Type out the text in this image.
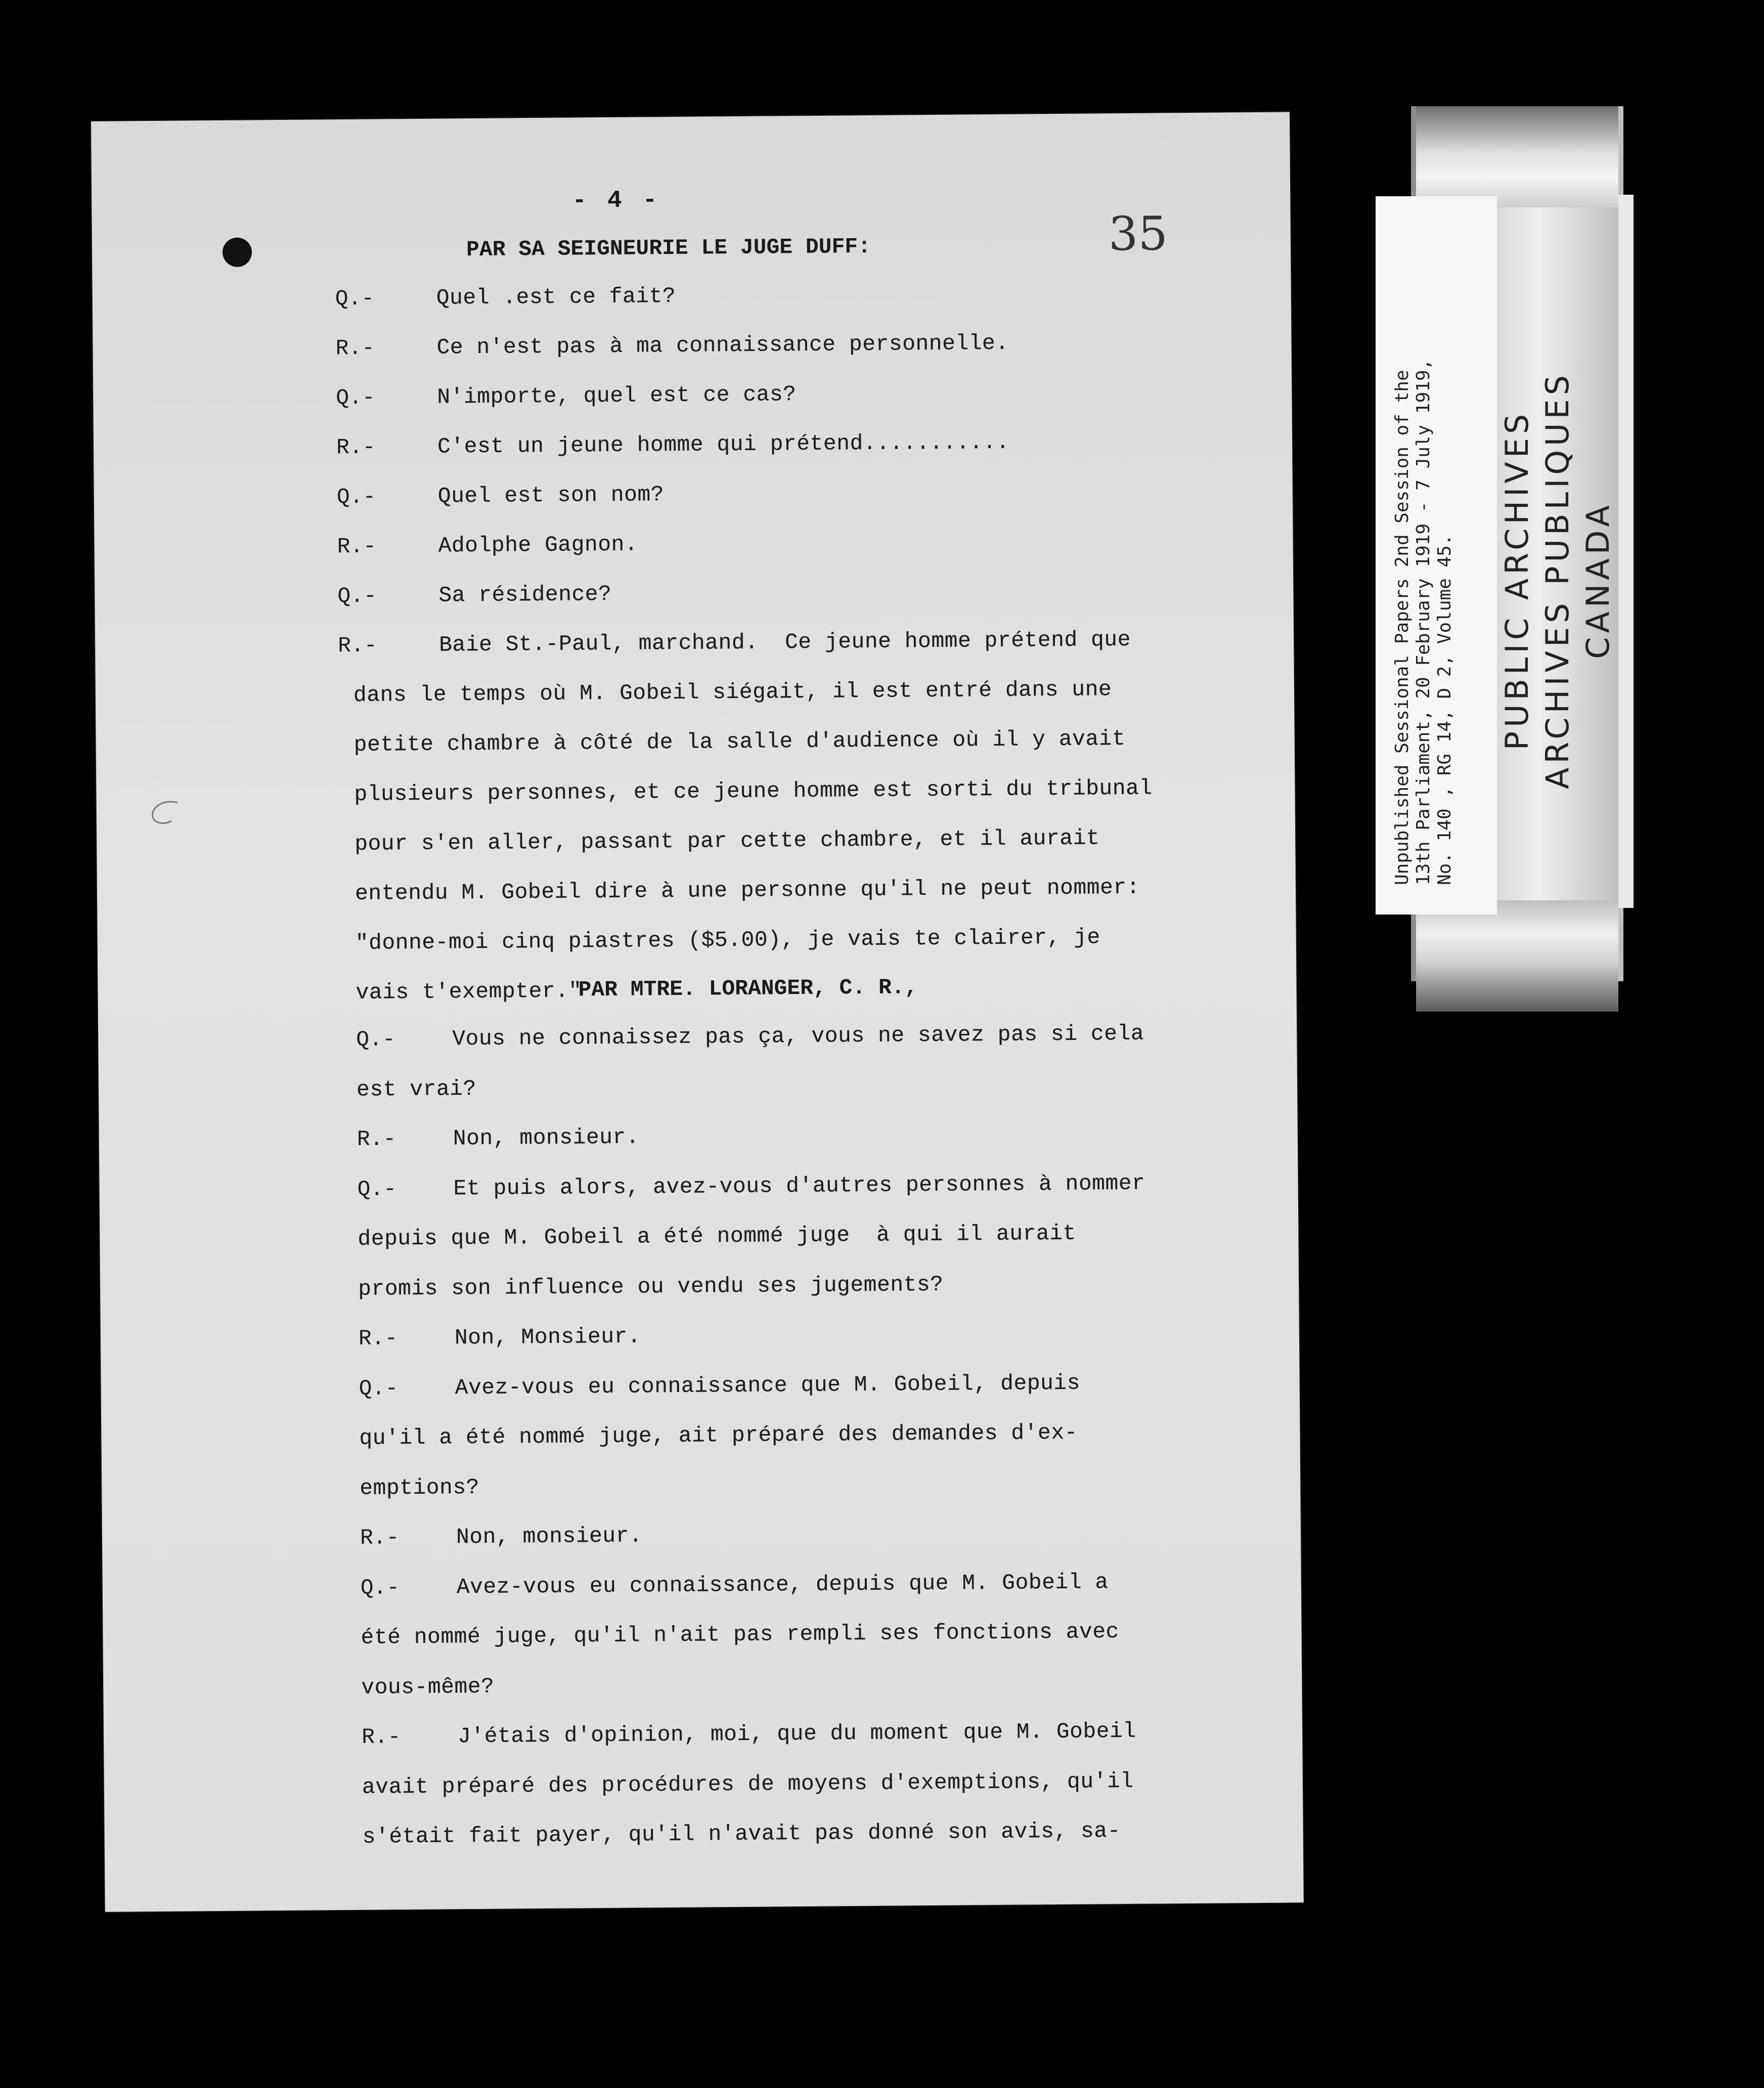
Unpublished Sessional Papers 2nd Session of the
13th Parliament, 20 February 1919 - 7 July 1919,
No. 140 , RG 14, D 2, Volume 45. PUBLIC ARCHIVES ARCHIVES PUBLIQUES CANADA
- 4 -
35
PAR SA SEIGNEURIE LE JUGE DUFF:
Q.-	Quel .est ce fait?
R.-	Ce n'est pas à ma connaissance personnelle.
Q.-	N'importe, quel est ce cas?
R.-	C'est un jeune homme qui prétend...........
Q.-	Quel est son nom?
R.-	Adolphe Gagnon.
Q.-	Sa résidence?
R.-	Baie St.-Paul, marchand.  Ce jeune homme prétend que
dans le temps où M. Gobeil siégait, il est entré dans une
petite chambre à côté de la salle d'audience où il y avait
plusieurs personnes, et ce jeune homme est sorti du tribunal
pour s'en aller, passant par cette chambre, et il aurait
entendu M. Gobeil dire à une personne qu'il ne peut nommer:
"donne-moi cinq piastres ($5.00), je vais te clairer, je
vais t'exempter."
PAR MTRE. LORANGER, C. R.,
Q.-	Vous ne connaissez pas ça, vous ne savez pas si cela
est vrai?
R.-	Non, monsieur.
Q.-	Et puis alors, avez-vous d'autres personnes à nommer
depuis que M. Gobeil a été nommé juge  à qui il aurait
promis son influence ou vendu ses jugements?
R.-	Non, Monsieur.
Q.-	Avez-vous eu connaissance que M. Gobeil, depuis
qu'il a été nommé juge, ait préparé des demandes d'ex-
emptions?
R.-	Non, monsieur.
Q.-	Avez-vous eu connaissance, depuis que M. Gobeil a
été nommé juge, qu'il n'ait pas rempli ses fonctions avec
vous-même?
R.-	J'étais d'opinion, moi, que du moment que M. Gobeil
avait préparé des procédures de moyens d'exemptions, qu'il
s'était fait payer, qu'il n'avait pas donné son avis, sa-
